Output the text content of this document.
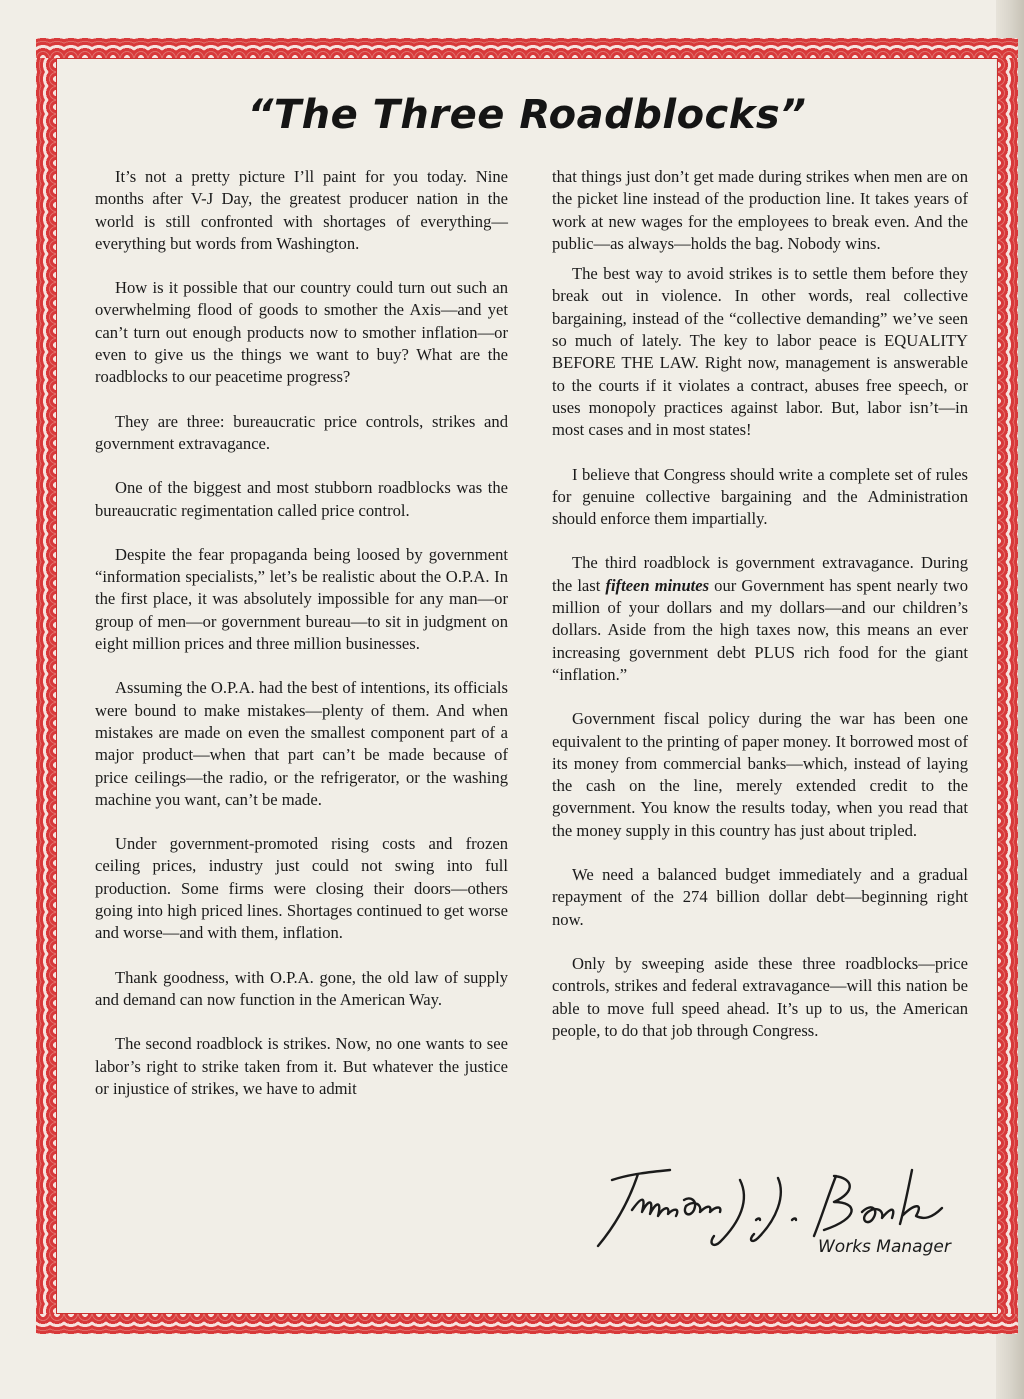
“The Three Roadblocks”

It’s not a pretty picture I’ll paint for you today. Nine months after V-J Day, the greatest producer nation in the world is still confronted with shortages of everything—everything but words from Washington.

How is it possible that our country could turn out such an overwhelming flood of goods to smother the Axis—and yet can’t turn out enough products now to smother inflation—or even to give us the things we want to buy? What are the roadblocks to our peacetime progress?

They are three: bureaucratic price controls, strikes and government extravagance.

One of the biggest and most stubborn roadblocks was the bureaucratic regimentation called price control.

Despite the fear propaganda being loosed by government “information specialists,” let’s be realistic about the O.P.A. In the first place, it was absolutely impossible for any man—or group of men—or government bureau—to sit in judgment on eight million prices and three million businesses.

Assuming the O.P.A. had the best of intentions, its officials were bound to make mistakes—plenty of them. And when mistakes are made on even the smallest component part of a major product—when that part can’t be made because of price ceilings—the radio, or the refrigerator, or the washing machine you want, can’t be made.

Under government-promoted rising costs and frozen ceiling prices, industry just could not swing into full production. Some firms were closing their doors—others going into high priced lines. Shortages continued to get worse and worse—and with them, inflation.

Thank goodness, with O.P.A. gone, the old law of supply and demand can now function in the American Way.

The second roadblock is strikes. Now, no one wants to see labor’s right to strike taken from it. But whatever the justice or injustice of strikes, we have to admit

that things just don’t get made during strikes when men are on the picket line instead of the production line. It takes years of work at new wages for the employees to break even. And the public—as always—holds the bag. Nobody wins.

The best way to avoid strikes is to settle them before they break out in violence. In other words, real collective bargaining, instead of the “collective demanding” we’ve seen so much of lately. The key to labor peace is EQUALITY BEFORE THE LAW. Right now, management is answerable to the courts if it violates a contract, abuses free speech, or uses monopoly practices against labor. But, labor isn’t—in most cases and in most states!

I believe that Congress should write a complete set of rules for genuine collective bargaining and the Administration should enforce them impartially.

The third roadblock is government extravagance. During the last fifteen minutes our Government has spent nearly two million of your dollars and my dollars—and our children’s dollars. Aside from the high taxes now, this means an ever increasing government debt PLUS rich food for the giant “inflation.”

Government fiscal policy during the war has been one equivalent to the printing of paper money. It borrowed most of its money from commercial banks—which, instead of laying the cash on the line, merely extended credit to the government. You know the results today, when you read that the money supply in this country has just about tripled.

We need a balanced budget immediately and a gradual repayment of the 274 billion dollar debt—beginning right now.

Only by sweeping aside these three roadblocks—price controls, strikes and federal extravagance—will this nation be able to move full speed ahead. It’s up to us, the American people, to do that job through Congress.

Works Manager
